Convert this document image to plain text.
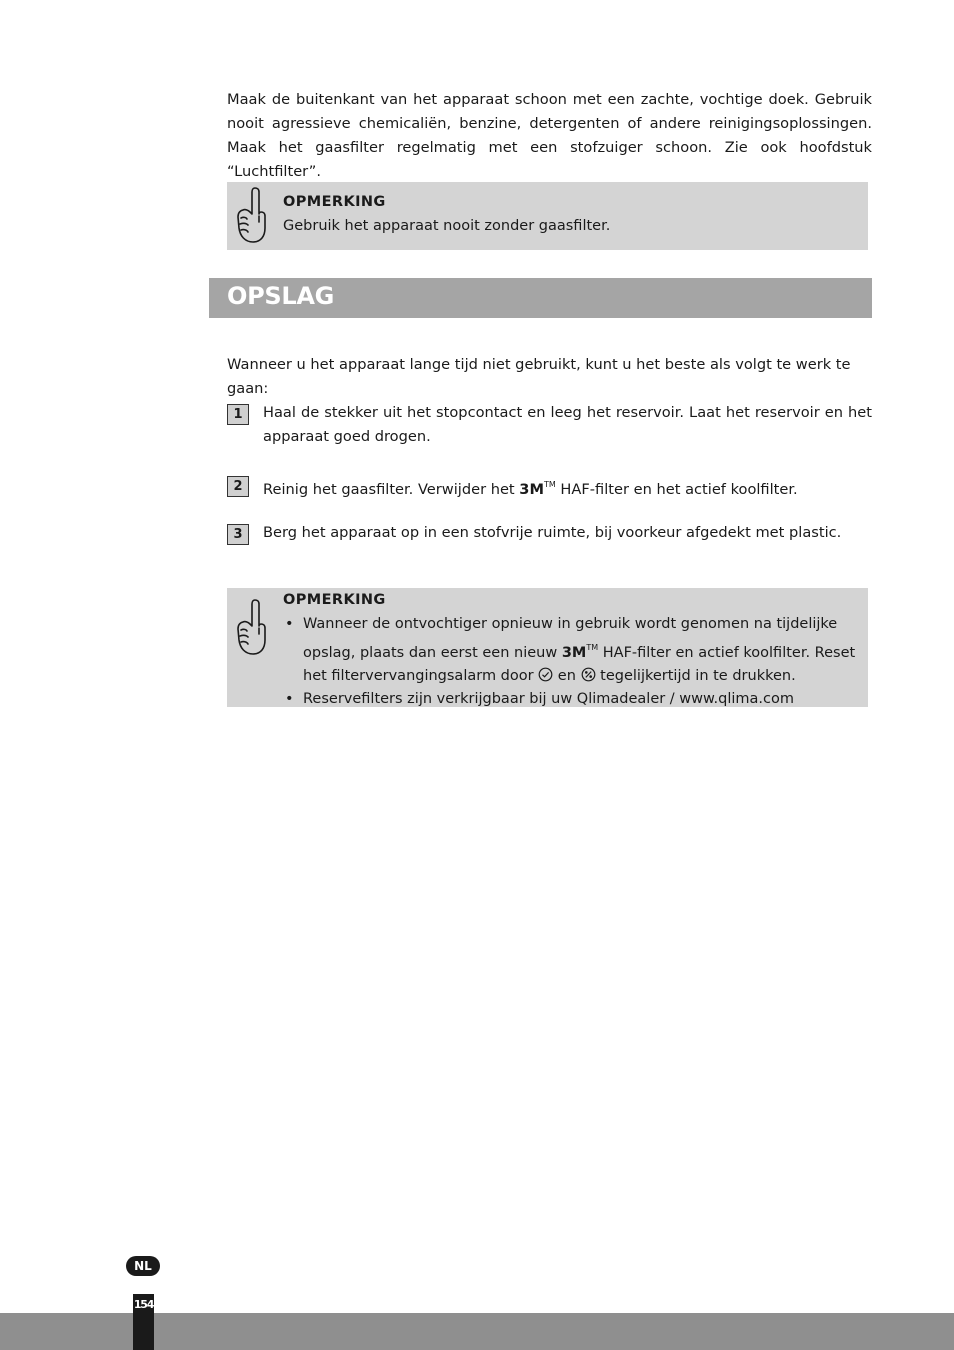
Maak de buitenkant van het apparaat schoon met een zachte, vochtige doek. Gebruik nooit agressieve chemicaliën, benzine, detergenten of andere reinigingsoplossingen. Maak het gaasfilter regelmatig met een stofzuiger schoon. Zie ook hoofdstuk “Luchtfilter”.

OPMERKING
Gebruik het apparaat nooit zonder gaasfilter.
OPSLAG

Wanneer u het apparaat lange tijd niet gebruikt, kunt u het beste als volgt te werk te gaan:

1	Haal de stekker uit het stopcontact en leeg het reservoir. Laat het reservoir en het apparaat goed drogen.
2	Reinig het gaasfilter. Verwijder het 3M™ HAF-filter en het actief koolfilter.
3	Berg het apparaat op in een stofvrije ruimte, bij voorkeur afgedekt met plastic.
OPMERKING
• Wanneer de ontvochtiger opnieuw in gebruik wordt genomen na tijdelijke opslag, plaats dan eerst een nieuw 3M™ HAF-filter en actief koolfilter. Reset het filtervervangingsalarm door  en  tegelijkertijd in te drukken.
• Reservefilters zijn verkrijgbaar bij uw Qlimadealer / www.qlima.com
NL
154
